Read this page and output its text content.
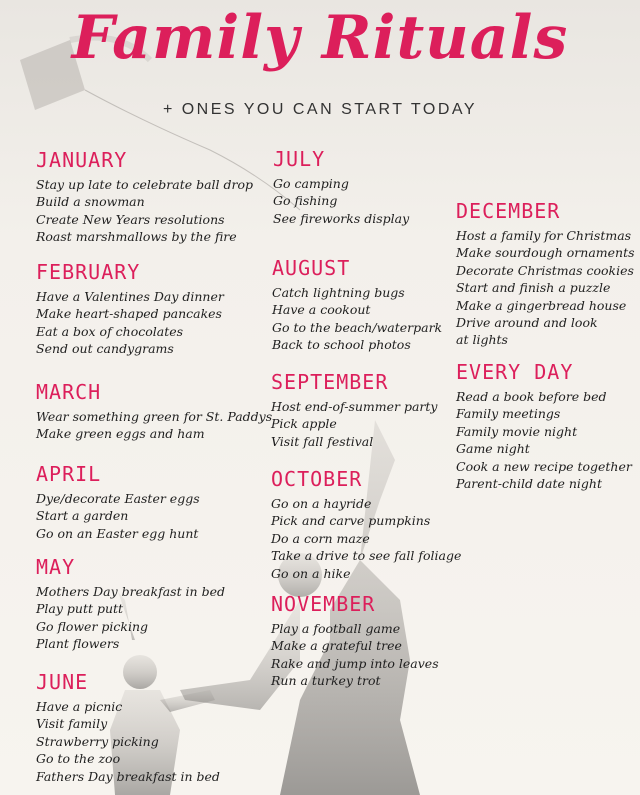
Family Rituals
+ ONES YOU CAN START TODAY
JANUARY
Stay up late to celebrate ball drop
Build a snowman
Create New Years resolutions
Roast marshmallows by the fire
FEBRUARY
Have a Valentines Day dinner
Make heart-shaped pancakes
Eat a box of chocolates
Send out candygrams
MARCH
Wear something green for St. Paddys
Make green eggs and ham
APRIL
Dye/decorate Easter eggs
Start a garden
Go on an Easter egg hunt
MAY
Mothers Day breakfast in bed
Play putt putt
Go flower picking
Plant flowers
JUNE
Have a picnic
Visit family
Strawberry picking
Go to the zoo
Fathers Day breakfast in bed
JULY
Go camping
Go fishing
See fireworks display
AUGUST
Catch lightning bugs
Have a cookout
Go to the beach/waterpark
Back to school photos
SEPTEMBER
Host end-of-summer party
Pick apple
Visit fall festival
OCTOBER
Go on a hayride
Pick and carve pumpkins
Do a corn maze
Take a drive to see fall foliage
Go on a hike
NOVEMBER
Play a football game
Make a grateful tree
Rake and jump into leaves
Run a turkey trot
DECEMBER
Host a family for Christmas
Make sourdough ornaments
Decorate Christmas cookies
Start and finish a puzzle
Make a gingerbread house
Drive around and look
at lights
EVERY DAY
Read a book before bed
Family meetings
Family movie night
Game night
Cook a new recipe together
Parent-child date night
